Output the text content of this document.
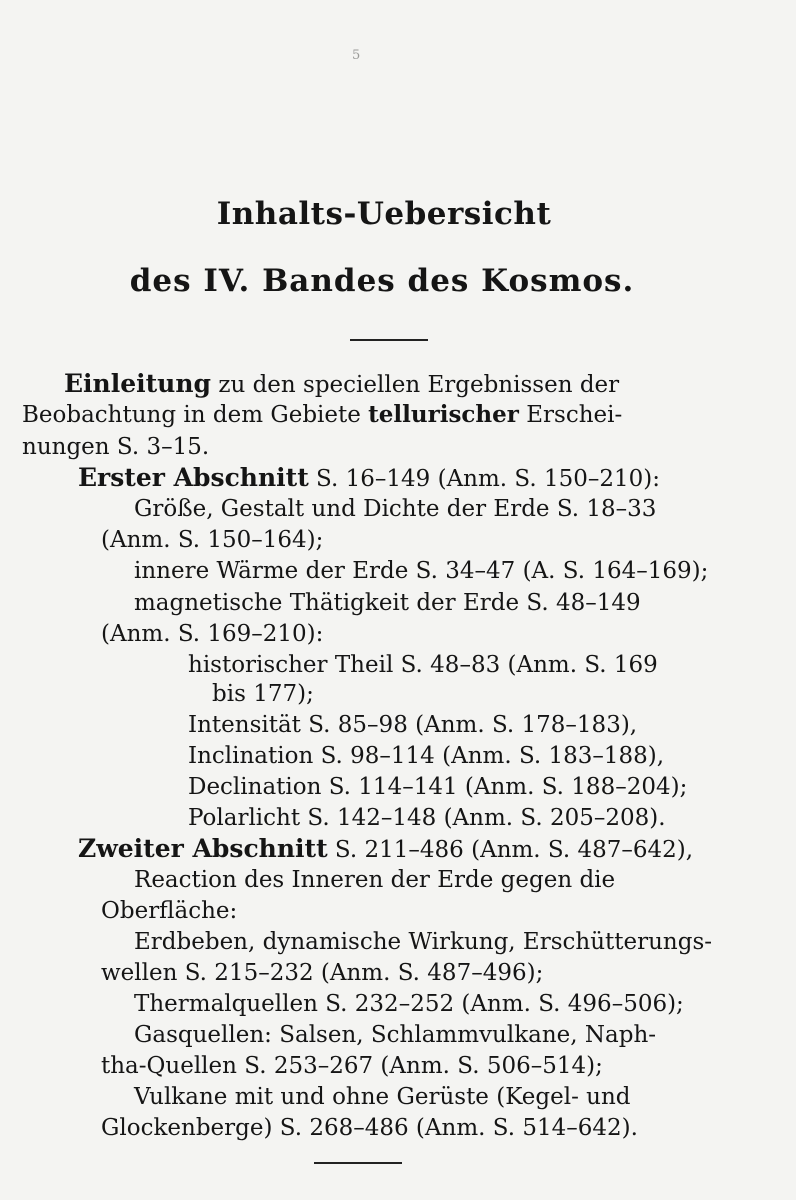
5
Inhalts-Uebersicht
des IV. Bandes des Kosmos.
Einleitung zu den speciellen Ergebnissen der
Beobachtung in dem Gebiete tellurischer Erschei-
nungen S. 3–15.
Erster Abschnitt S. 16–149 (Anm. S. 150–210):
Größe, Gestalt und Dichte der Erde S. 18–33
(Anm. S. 150–164);
innere Wärme der Erde S. 34–47 (A. S. 164–169);
magnetische Thätigkeit der Erde S. 48–149
(Anm. S. 169–210):
historischer Theil S. 48–83 (Anm. S. 169
bis 177);
Intensität S. 85–98 (Anm. S. 178–183),
Inclination S. 98–114 (Anm. S. 183–188),
Declination S. 114–141 (Anm. S. 188–204);
Polarlicht S. 142–148 (Anm. S. 205–208).
Zweiter Abschnitt S. 211–486 (Anm. S. 487–642),
Reaction des Inneren der Erde gegen die
Oberfläche:
Erdbeben, dynamische Wirkung, Erschütterungs-
wellen S. 215–232 (Anm. S. 487–496);
Thermalquellen S. 232–252 (Anm. S. 496–506);
Gasquellen: Salsen, Schlammvulkane, Naph-
tha-Quellen S. 253–267 (Anm. S. 506–514);
Vulkane mit und ohne Gerüste (Kegel- und
Glockenberge) S. 268–486 (Anm. S. 514–642).
